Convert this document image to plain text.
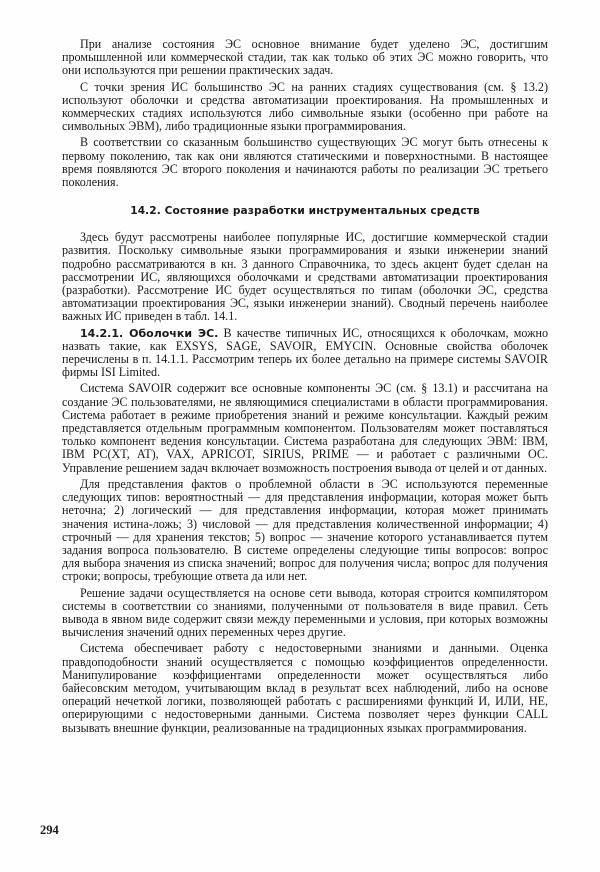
При анализе состояния ЭС основное внимание будет уделено ЭС, достигшим промышленной или коммерческой стадии, так как только об этих ЭС можно говорить, что они используются при решении практических задач.

С точки зрения ИС большинство ЭС на ранних стадиях существования (см. § 13.2) используют оболочки и средства автоматизации проектирования. На промышленных и коммерческих стадиях используются либо символьные языки (особенно при работе на символьных ЭВМ), либо традиционные языки программирования.

В соответствии со сказанным большинство существующих ЭС могут быть отнесены к первому поколению, так как они являются статическими и поверхностными. В настоящее время появляются ЭС второго поколения и начинаются работы по реализации ЭС третьего поколения.

14.2. Состояние разработки инструментальных средств

Здесь будут рассмотрены наиболее популярные ИС, достигшие коммерческой стадии развития. Поскольку символьные языки программирования и языки инженерии знаний подробно рассматриваются в кн. 3 данного Справочника, то здесь акцент будет сделан на рассмотрении ИС, являющихся оболочками и средствами автоматизации проектирования (разработки). Рассмотрение ИС будет осуществляться по типам (оболочки ЭС, средства автоматизации проектирования ЭС, языки инженерии знаний). Сводный перечень наиболее важных ИС приведен в табл. 14.1.

14.2.1. Оболочки ЭС. В качестве типичных ИС, относящихся к оболочкам, можно назвать такие, как EXSYS, SAGE, SAVOIR, EMYCIN. Основные свойства оболочек перечислены в п. 14.1.1. Рассмотрим теперь их более детально на примере системы SAVOIR фирмы ISI Limited.

Система SAVOIR содержит все основные компоненты ЭС (см. § 13.1) и рассчитана на создание ЭС пользователями, не являющимися специалистами в области программирования. Система работает в режиме приобретения знаний и режиме консультации. Каждый режим представляется отдельным программным компонентом. Пользователям может поставляться только компонент ведения консультации. Система разработана для следующих ЭВМ: IBM, IBM PC(XT, AT), VAX, APRICOT, SIRIUS, PRIME — и работает с различными ОС. Управление решением задач включает возможность построения вывода от целей и от данных.

Для представления фактов о проблемной области в ЭС используются переменные следующих типов: вероятностный — для представления информации, которая может быть неточна; 2) логический — для представления информации, которая может принимать значения истина-ложь; 3) числовой — для представления количественной информации; 4) строчный — для хранения текстов; 5) вопрос — значение которого устанавливается путем задания вопроса пользователю. В системе определены следующие типы вопросов: вопрос для выбора значения из списка значений; вопрос для получения числа; вопрос для получения строки; вопросы, требующие ответа да или нет.

Решение задачи осуществляется на основе сети вывода, которая строится компилятором системы в соответствии со знаниями, полученными от пользователя в виде правил. Сеть вывода в явном виде содержит связи между переменными и условия, при которых возможны вычисления значений одних переменных через другие.

Система обеспечивает работу с недостоверными знаниями и данными. Оценка правдоподобности знаний осуществляется с помощью коэффициентов определенности. Манипулирование коэффициентами определенности может осуществляться либо байесовским методом, учитывающим вклад в результат всех наблюдений, либо на основе операций нечеткой логики, позволяющей работать с расширениями функций И, ИЛИ, НЕ, оперирующими с недостоверными данными. Система позволяет через функции CALL вызывать внешние функции, реализованные на традиционных языках программирования.

294
